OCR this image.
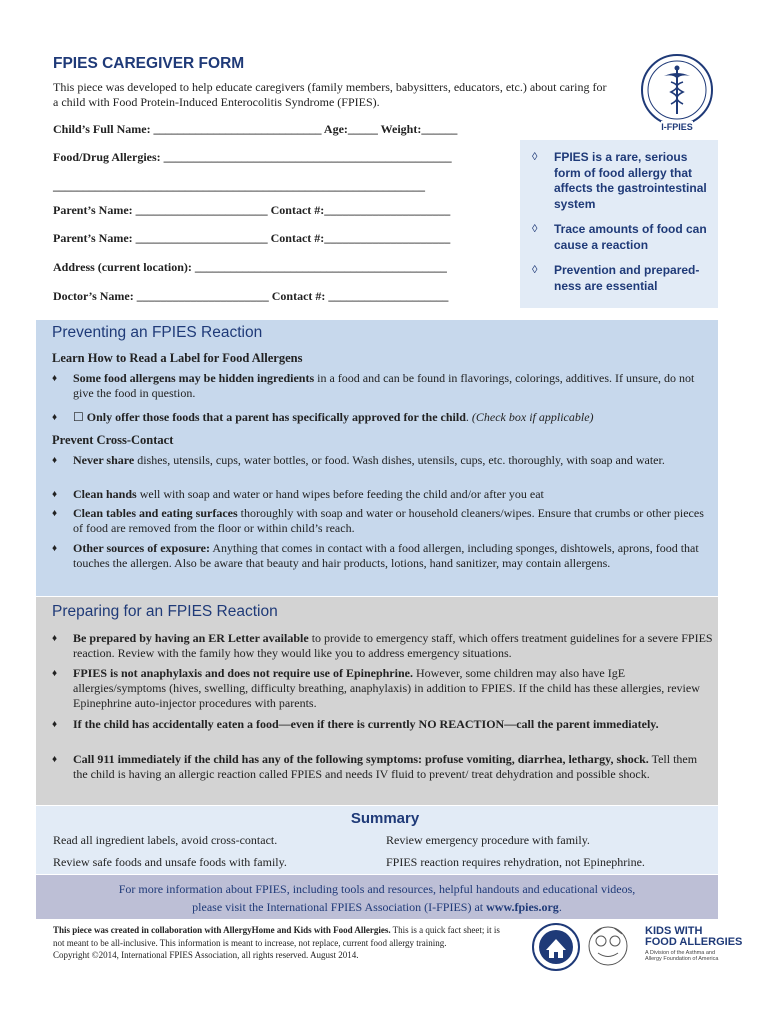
FPIES CAREGIVER FORM
This piece was developed to help educate caregivers (family members, babysitters, educators, etc.) about caring for a child with Food Protein-Induced Enterocolitis Syndrome (FPIES).
I-FPIES
Child’s Full Name: ____________________________ Age:_____ Weight:______
Food/Drug Allergies: ________________________________________________
______________________________________________________________
Parent’s Name: ______________________ Contact #:_____________________
Parent’s Name: ______________________ Contact #:_____________________
Address (current location): __________________________________________
Doctor’s Name: ______________________ Contact #: ____________________
◊ FPIES is a rare, serious form of food allergy that affects the gastrointestinal system
◊ Trace amounts of food can cause a reaction
◊ Prevention and prepared-ness are essential
Preventing an FPIES Reaction
Learn How to Read a Label for Food Allergens
♦ Some food allergens may be hidden ingredients in a food and can be found in flavorings, colorings, additives. If unsure, do not give the food in question.
♦ ☐ Only offer those foods that a parent has specifically approved for the child. (Check box if applicable)
Prevent Cross-Contact
♦ Never share dishes, utensils, cups, water bottles, or food. Wash dishes, utensils, cups, etc. thoroughly, with soap and water.
♦ Clean hands well with soap and water or hand wipes before feeding the child and/or after you eat
♦ Clean tables and eating surfaces thoroughly with soap and water or household cleaners/wipes. Ensure that crumbs or other pieces of food are removed from the floor or within child’s reach.
♦ Other sources of exposure: Anything that comes in contact with a food allergen, including sponges, dishtowels, aprons, food that touches the allergen. Also be aware that beauty and hair products, lotions, hand sanitizer, may contain allergens.
Preparing for an FPIES Reaction
♦ Be prepared by having an ER Letter available to provide to emergency staff, which offers treatment guidelines for a severe FPIES reaction. Review with the family how they would like you to address emergency situations.
♦ FPIES is not anaphylaxis and does not require use of Epinephrine. However, some children may also have IgE allergies/symptoms (hives, swelling, difficulty breathing, anaphylaxis) in addition to FPIES. If the child has these allergies, review Epinephrine auto-injector procedures with parents.
♦ If the child has accidentally eaten a food—even if there is currently NO REACTION—call the parent immediately.
♦ Call 911 immediately if the child has any of the following symptoms: profuse vomiting, diarrhea, lethargy, shock. Tell them the child is having an allergic reaction called FPIES and needs IV fluid to prevent/ treat dehydration and possible shock.
Summary
Read all ingredient labels, avoid cross-contact.	Review emergency procedure with family.
Review safe foods and unsafe foods with family.	FPIES reaction requires rehydration, not Epinephrine.
For more information about FPIES, including tools and resources, helpful handouts and educational videos,
please visit the International FPIES Association (I-FPIES) at www.fpies.org.
This piece was created in collaboration with AllergyHome and Kids with Food Allergies. This is a quick fact sheet; it is not meant to be all-inclusive. This information is meant to increase, not replace, current food allergy training.
Copyright ©2014, International FPIES Association, all rights reserved. August 2014.
KIDS WITH
FOOD ALLERGIES
A Division of the Asthma and Allergy Foundation of America
